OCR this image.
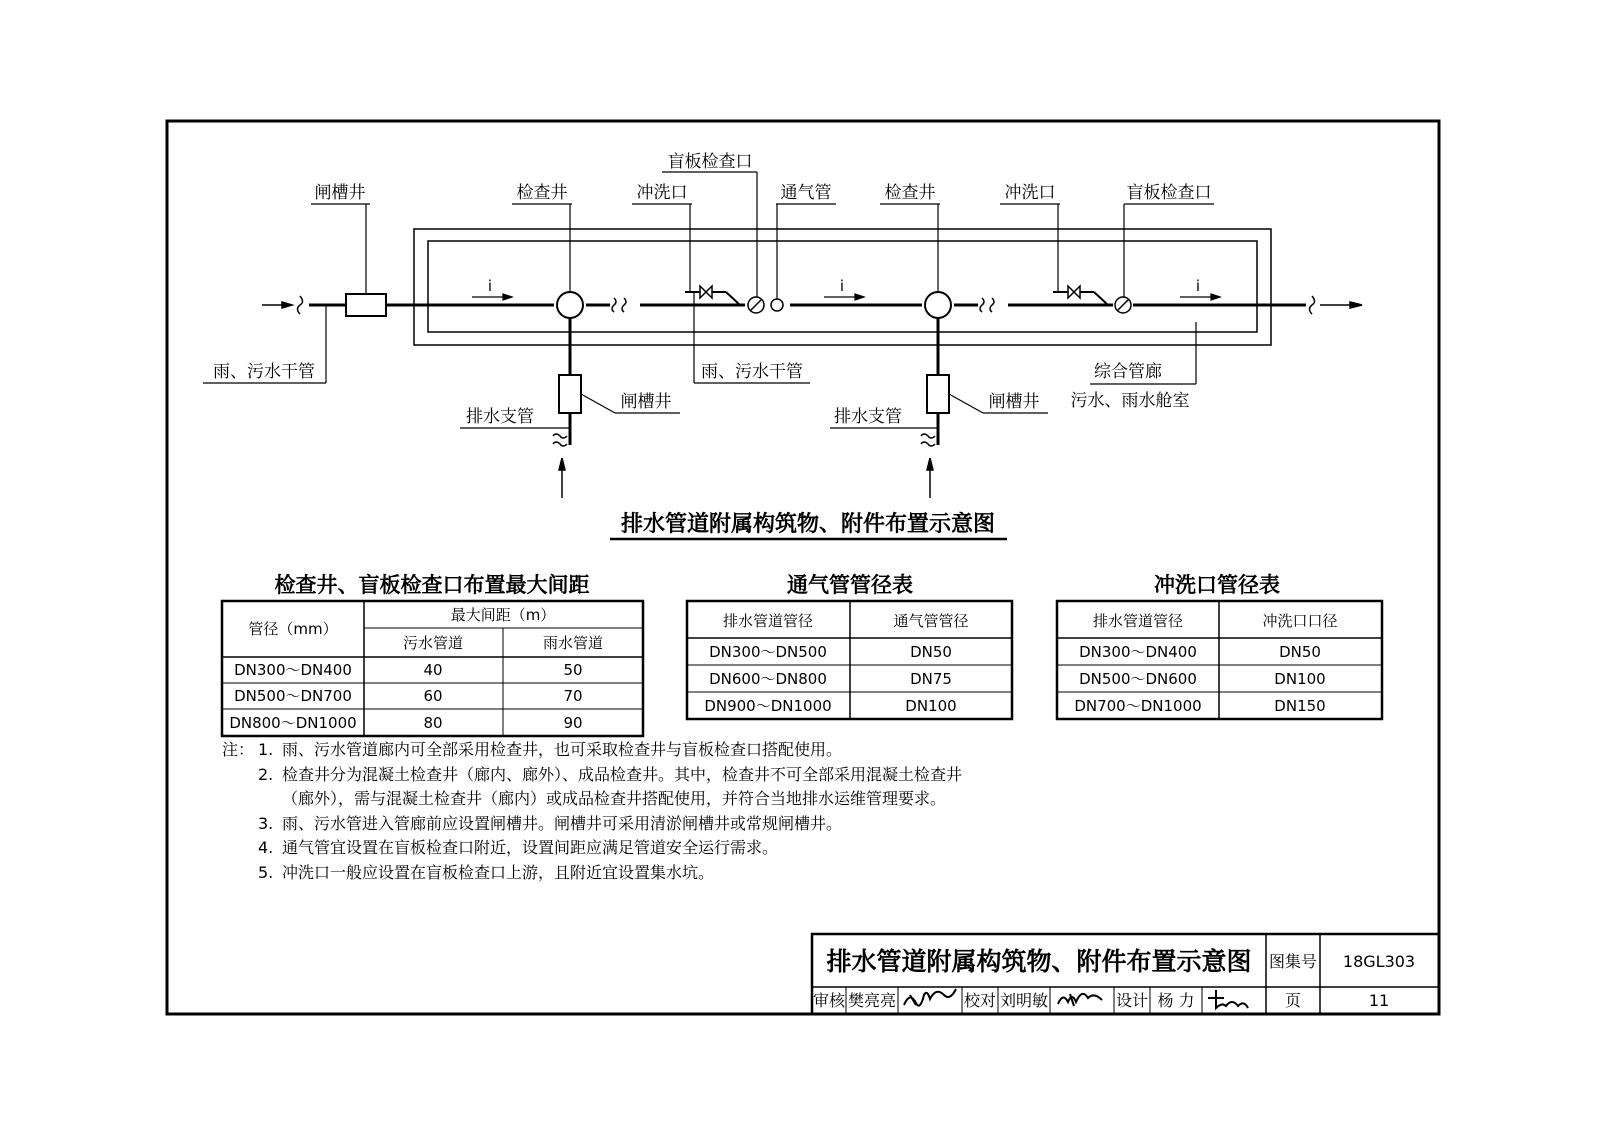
闸槽井	检查井	冲洗口
盲板检查口
通气管	检查井	冲洗口	盲板检查口
雨、污水干管	雨、污水干管
闸槽井
排水支管
闸槽井
排水支管
综合管廊
污水、雨水舱室
i	i	i
排水管道附属构筑物、附件布置示意图
检查井、盲板检查口布置最大间距
管径（mm）
最大间距（m）
污水管道	雨水管道
DN300～DN400	40	50
DN500～DN700	60	70
DN800～DN1000	80	90
通气管管径表
排水管道管径	通气管管径
DN300～DN500	DN50
DN600～DN800	DN75
DN900～DN1000	DN100
冲洗口管径表
排水管道管径	冲洗口口径
DN300～DN400	DN50
DN500～DN600	DN100
DN700～DN1000	DN150
排水管道附属构筑物、附件布置示意图 图集号 18GL303
审核 樊亮亮	校对 刘明敏	设计 杨 力	页	11
注： 1. 雨、污水管道廊内可全部采用检查井，也可采取检查井与盲板检查口搭配使用。
2. 检查井分为混凝土检查井（廊内、廊外）、成品检查井。其中，检查井不可全部采用混凝土检查井（廊外），需与混凝土检查井（廊内）或成品检查井搭配使用，并符合当地排水运维管理要求。
3. 雨、污水管进入管廊前应设置闸槽井。闸槽井可采用清淤闸槽井或常规闸槽井。
4. 通气管宜设置在盲板检查口附近，设置间距应满足管道安全运行需求。
5. 冲洗口一般应设置在盲板检查口上游，且附近宜设置集水坑。
